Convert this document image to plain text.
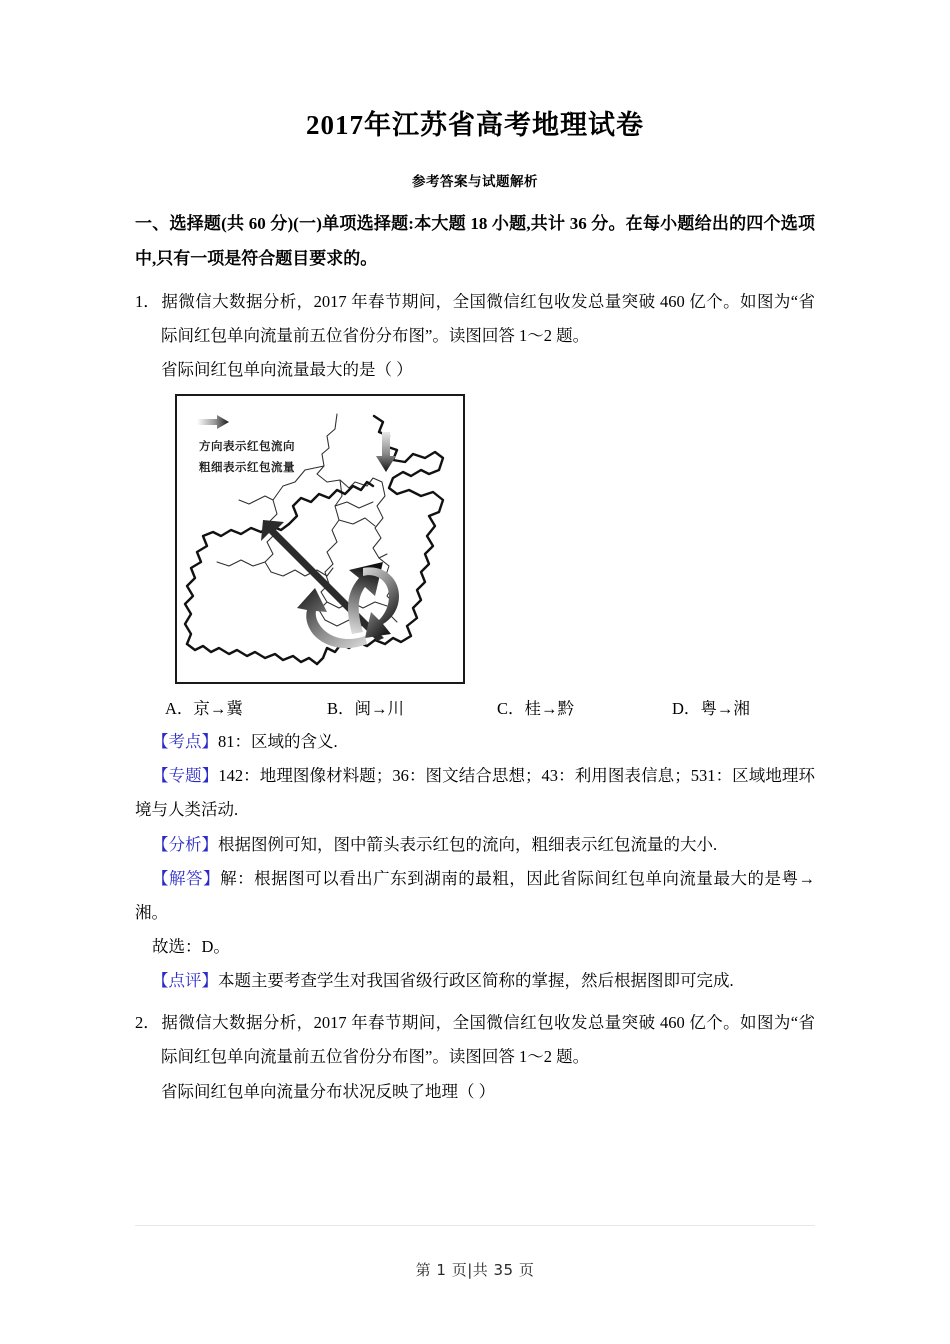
2017年江苏省高考地理试卷
参考答案与试题解析
一、选择题(共 60 分)(一)单项选择题:本大题 18 小题,共计 36 分。在每小题给出的四个选项中,只有一项是符合题目要求的。
1．据微信大数据分析，2017 年春节期间，全国微信红包收发总量突破 460 亿个。如图为“省际间红包单向流量前五位省份分布图”。读图回答 1～2 题。
省际间红包单向流量最大的是（ ）
方向表示红包流向
粗细表示红包流量
A．京→冀	B．闽→川	C．桂→黔	D．粤→湘
【考点】81：区域的含义.
【专题】142：地理图像材料题；36：图文结合思想；43：利用图表信息；531：区域地理环境与人类活动.
【分析】根据图例可知，图中箭头表示红包的流向，粗细表示红包流量的大小.
【解答】解：根据图可以看出广东到湖南的最粗，因此省际间红包单向流量最大的是粤→湘。
故选：D。
【点评】本题主要考查学生对我国省级行政区简称的掌握，然后根据图即可完成.
2．据微信大数据分析，2017 年春节期间，全国微信红包收发总量突破 460 亿个。如图为“省际间红包单向流量前五位省份分布图”。读图回答 1～2 题。
省际间红包单向流量分布状况反映了地理（ ）
第 1 页|共 35 页
